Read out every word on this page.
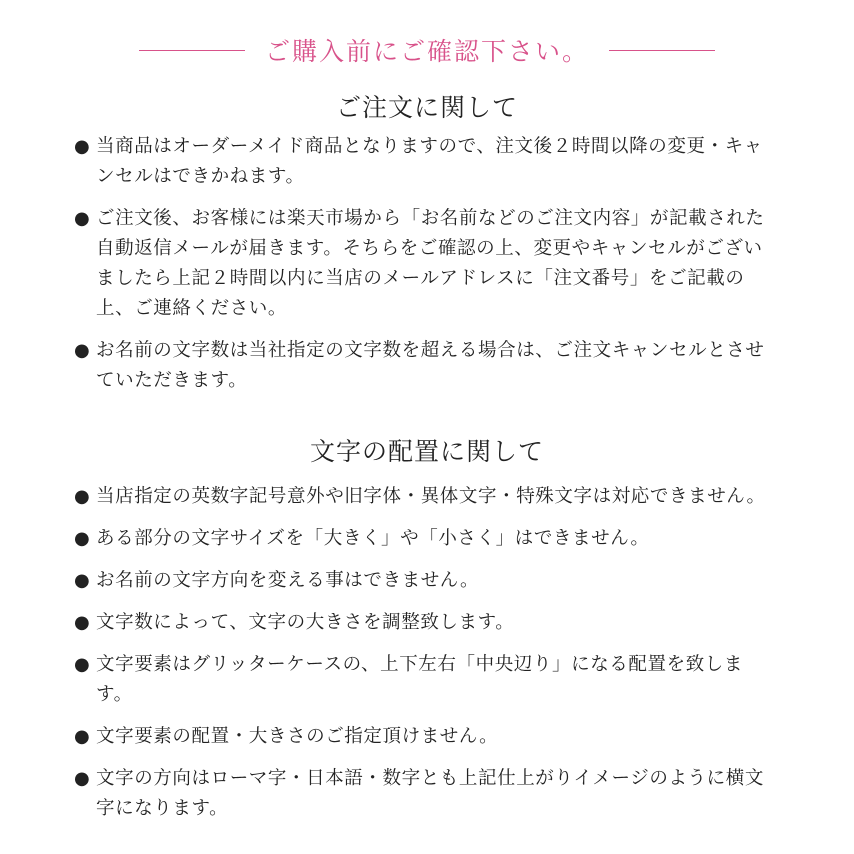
ご購入前にご確認下さい。
ご注文に関して
● 当商品はオーダーメイド商品となりますので、注文後２時間以降の変更・キャンセルはできかねます。
● ご注文後、お客様には楽天市場から「お名前などのご注文内容」が記載された自動返信メールが届きます。そちらをご確認の上、変更やキャンセルがございましたら上記２時間以内に当店のメールアドレスに「注文番号」をご記載の上、ご連絡ください。
● お名前の文字数は当社指定の文字数を超える場合は、ご注文キャンセルとさせていただきます。
文字の配置に関して
● 当店指定の英数字記号意外や旧字体・異体文字・特殊文字は対応できません。
● ある部分の文字サイズを「大きく」や「小さく」はできません。
● お名前の文字方向を変える事はできません。
● 文字数によって、文字の大きさを調整致します。
● 文字要素はグリッターケースの、上下左右「中央辺り」になる配置を致します。
● 文字要素の配置・大きさのご指定頂けません。
● 文字の方向はローマ字・日本語・数字とも上記仕上がりイメージのように横文字になります。
